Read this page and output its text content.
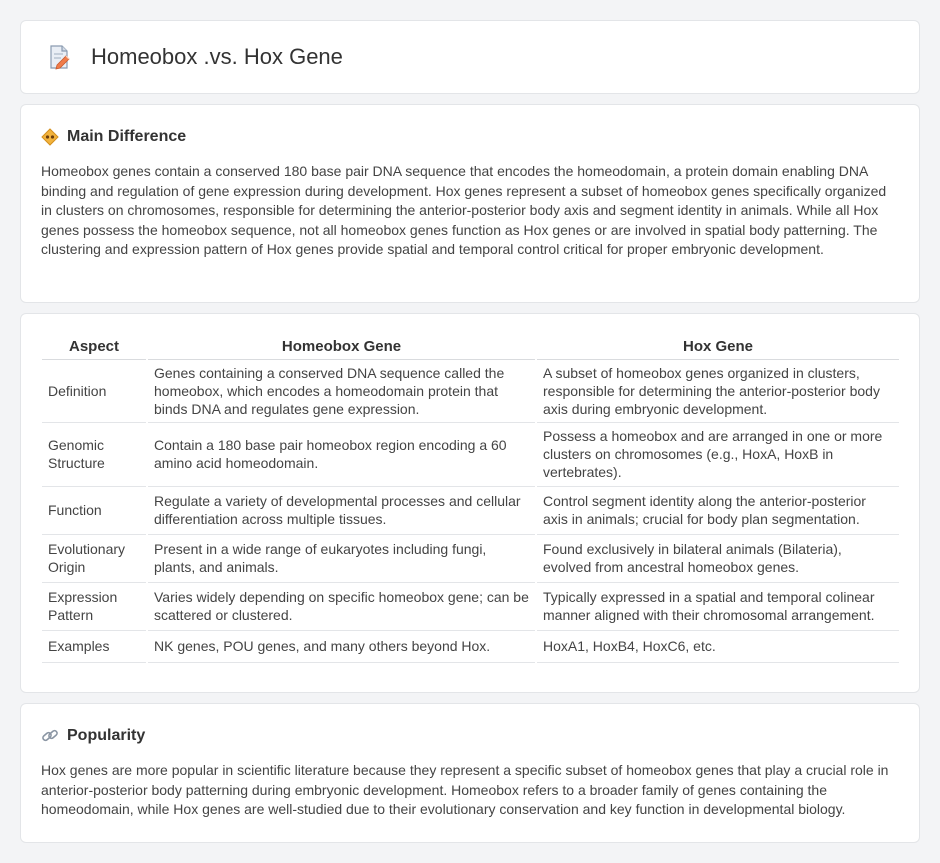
Homeobox .vs. Hox Gene
Main Difference

Homeobox genes contain a conserved 180 base pair DNA sequence that encodes the homeodomain, a protein domain enabling DNA binding and regulation of gene expression during development. Hox genes represent a subset of homeobox genes specifically organized in clusters on chromosomes, responsible for determining the anterior-posterior body axis and segment identity in animals. While all Hox genes possess the homeobox sequence, not all homeobox genes function as Hox genes or are involved in spatial body patterning. The clustering and expression pattern of Hox genes provide spatial and temporal control critical for proper embryonic development.

Aspect	Homeobox Gene	Hox Gene
Definition	Genes containing a conserved DNA sequence called the homeobox, which encodes a homeodomain protein that binds DNA and regulates gene expression.	A subset of homeobox genes organized in clusters, responsible for determining the anterior-posterior body axis during embryonic development.
Genomic Structure	Contain a 180 base pair homeobox region encoding a 60 amino acid homeodomain.	Possess a homeobox and are arranged in one or more clusters on chromosomes (e.g., HoxA, HoxB in vertebrates).
Function	Regulate a variety of developmental processes and cellular differentiation across multiple tissues.	Control segment identity along the anterior-posterior axis in animals; crucial for body plan segmentation.
Evolutionary Origin	Present in a wide range of eukaryotes including fungi, plants, and animals.	Found exclusively in bilateral animals (Bilateria), evolved from ancestral homeobox genes.
Expression Pattern	Varies widely depending on specific homeobox gene; can be scattered or clustered.	Typically expressed in a spatial and temporal colinear manner aligned with their chromosomal arrangement.
Examples	NK genes, POU genes, and many others beyond Hox.	HoxA1, HoxB4, HoxC6, etc.
Popularity

Hox genes are more popular in scientific literature because they represent a specific subset of homeobox genes that play a crucial role in anterior-posterior body patterning during embryonic development. Homeobox refers to a broader family of genes containing the homeodomain, while Hox genes are well-studied due to their evolutionary conservation and key function in developmental biology.
